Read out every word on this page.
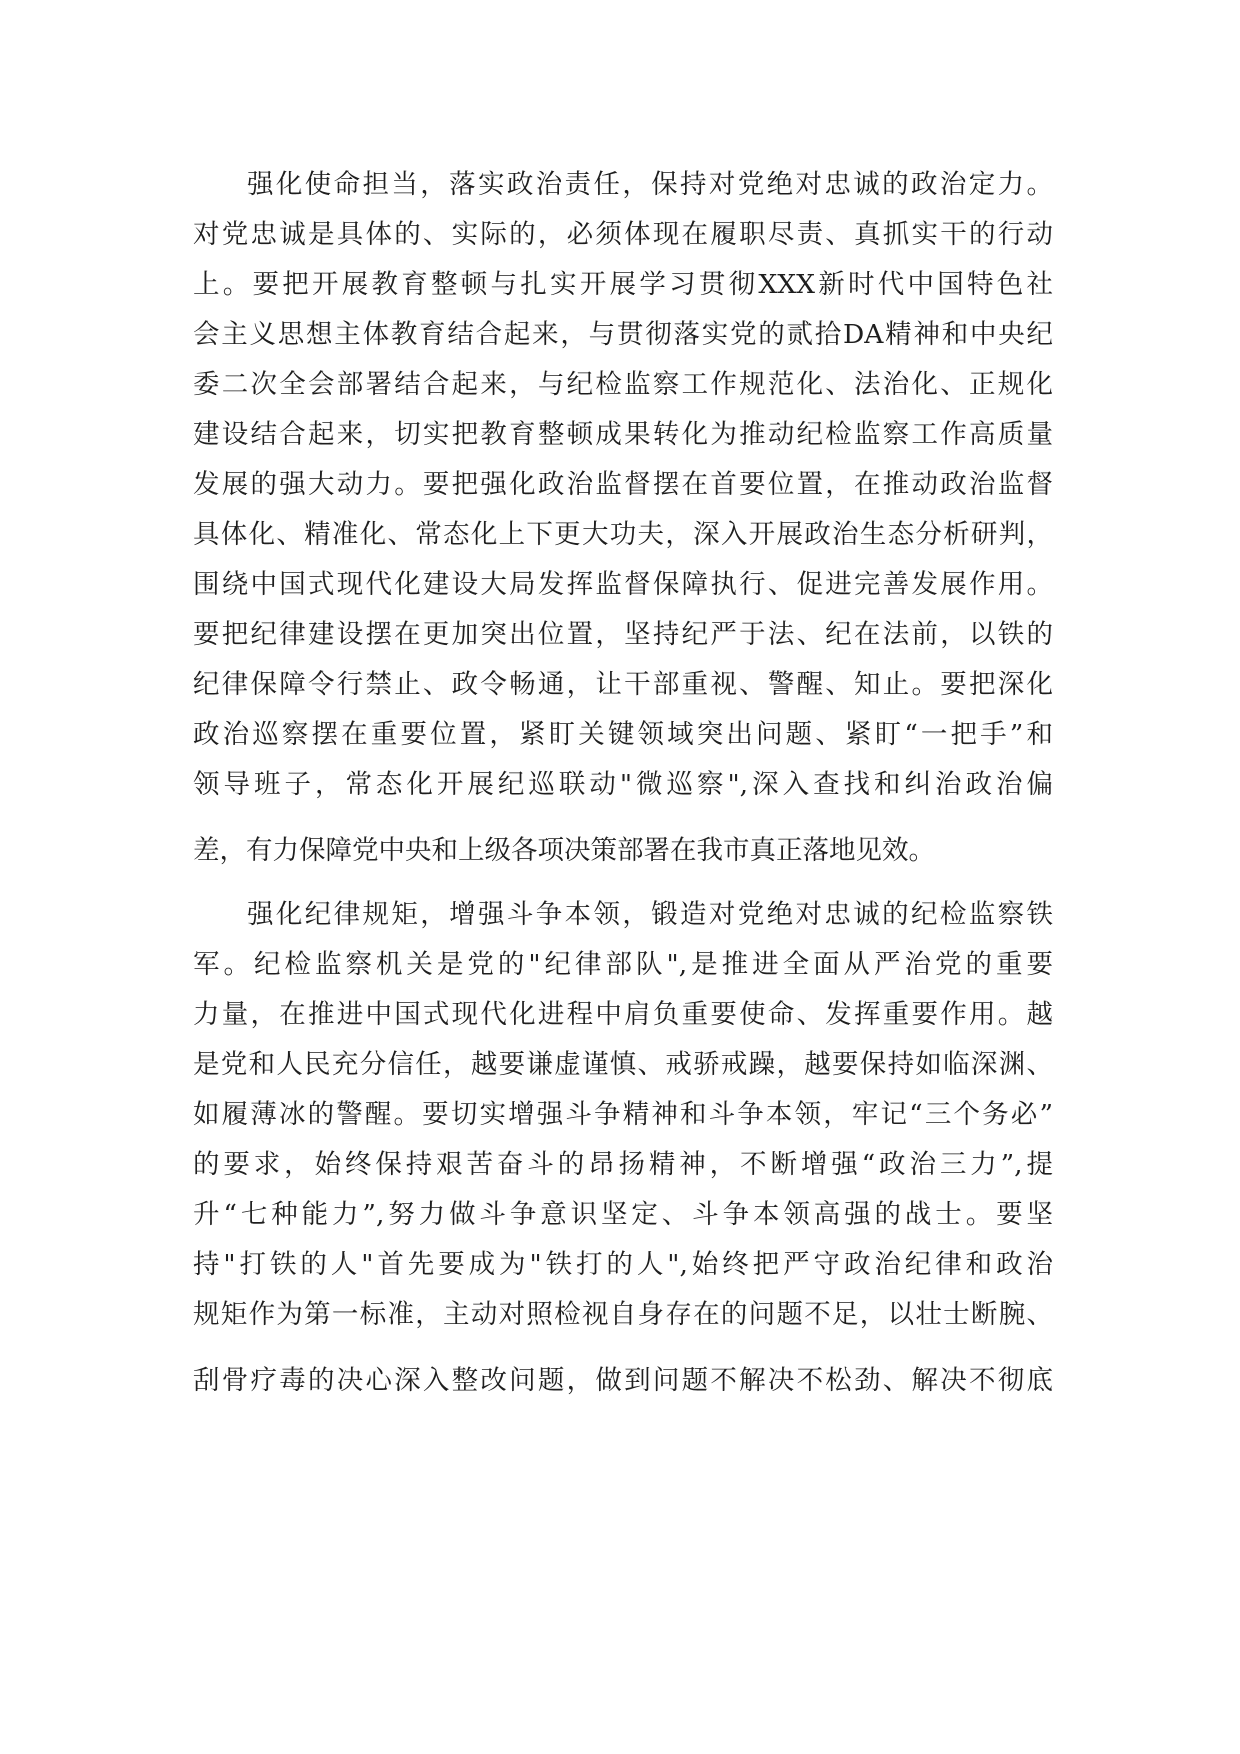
强化使命担当，落实政治责任，保持对党绝对忠诚的政治定力。
对党忠诚是具体的、实际的，必须体现在履职尽责、真抓实干的行动
上。要把开展教育整顿与扎实开展学习贯彻XXX新时代中国特色社
会主义思想主体教育结合起来，与贯彻落实党的贰拾DA精神和中央纪
委二次全会部署结合起来，与纪检监察工作规范化、法治化、正规化
建设结合起来，切实把教育整顿成果转化为推动纪检监察工作高质量
发展的强大动力。要把强化政治监督摆在首要位置，在推动政治监督
具体化、精准化、常态化上下更大功夫，深入开展政治生态分析研判，
围绕中国式现代化建设大局发挥监督保障执行、促进完善发展作用。
要把纪律建设摆在更加突出位置，坚持纪严于法、纪在法前，以铁的
纪律保障令行禁止、政令畅通，让干部重视、警醒、知止。要把深化
政治巡察摆在重要位置，紧盯关键领域突出问题、紧盯“一把手”和
领导班子，常态化开展纪巡联动"微巡察",深入查找和纠治政治偏
差，有力保障党中央和上级各项决策部署在我市真正落地见效。
强化纪律规矩，增强斗争本领，锻造对党绝对忠诚的纪检监察铁
军。纪检监察机关是党的"纪律部队",是推进全面从严治党的重要
力量，在推进中国式现代化进程中肩负重要使命、发挥重要作用。越
是党和人民充分信任，越要谦虚谨慎、戒骄戒躁，越要保持如临深渊、
如履薄冰的警醒。要切实增强斗争精神和斗争本领，牢记“三个务必”
的要求，始终保持艰苦奋斗的昂扬精神，不断增强“政治三力”,提
升“七种能力”,努力做斗争意识坚定、斗争本领高强的战士。要坚
持"打铁的人"首先要成为"铁打的人",始终把严守政治纪律和政治
规矩作为第一标准，主动对照检视自身存在的问题不足，以壮士断腕、
刮骨疗毒的决心深入整改问题，做到问题不解决不松劲、解决不彻底
